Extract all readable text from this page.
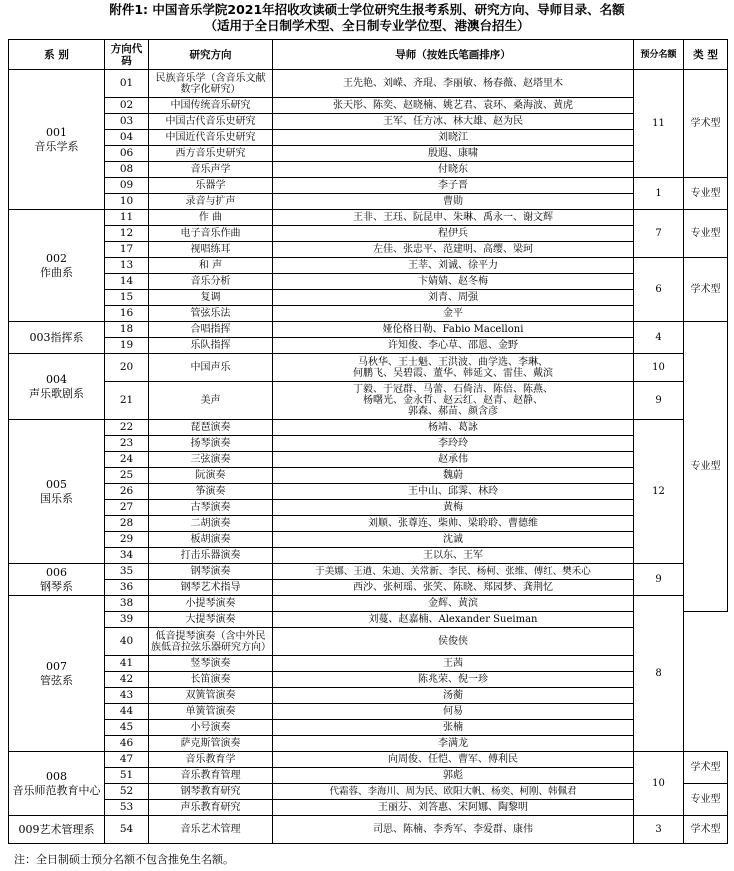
附件1: 中国音乐学院2021年招收攻读硕士学位研究生报考系别、研究方向、导师目录、名额
（适用于全日制学术型、全日制专业学位型、港澳台招生）
系 别	方向代码	研究方向	导师（按姓氏笔画排序）	预分名额	类 型
001
音乐学系	01	民族音乐学（含音乐文献数字化研究）	王先艳、刘嵘、齐琨、李丽敏、杨春薇、赵塔里木	11	学术型
	02	中国传统音乐研究	张天彤、陈奕、赵晓楠、姚艺君、袁环、桑海波、黄虎		
	03	中国古代音乐史研究	王军、任方冰、林大雄、赵为民		
	04	中国近代音乐史研究	刘晓江		
	06	西方音乐史研究	殷遐、康啸		
	08	音乐声学	付晓东		
	09	乐器学	李子晋	1	专业型
	10	录音与扩声	曹勋		
002
作曲系	11	作 曲	王非、王珏、阮昆申、朱琳、禹永一、谢文辉	7	专业型
	12	电子音乐作曲	程伊兵		
	17	视唱练耳	左佳、张忠平、范建明、高缨、梁珂		
	13	和 声	王莘、刘诚、徐平力	6	学术型
	14	音乐分析	卞婧婧、赵冬梅		
	15	复调	刘青、周强		
	16	管弦乐法	金平		
003指挥系	18	合唱指挥	娅伦格日勒、Fabio Macelloni	4	专业型
	19	乐队指挥	许知俊、李心草、邵恩、金野		
004
声乐歌剧系	20	中国声乐	马秋华、王士魁、王洪波、曲学选、李琳、
何鹏飞、吴碧霞、董华、韩延文、雷佳、戴滨	10	
	21	美声	丁毅、于冠群、马蕾、石倚洁、陈倍、陈燕、
杨曙光、金永哲、赵云红、赵青、赵静、
郭森、郝苗、颜含彦	9	
005
国乐系	22	琵琶演奏	杨靖、葛詠	12	
	23	扬琴演奏	李玲玲		
	24	三弦演奏	赵承伟		
	25	阮演奏	魏蔚		
	26	筝演奏	王中山、邱霁、林玲		
	27	古琴演奏	黄梅		
	28	二胡演奏	刘顺、张尊连、柴帅、梁聆聆、曹德维		
	29	板胡演奏	沈诚		
	34	打击乐器演奏	王以东、王军		
006
钢琴系	35	钢琴演奏	于美娜、王遒、朱迪、关常新、李民、杨柯、张维、傅红、樊禾心	9	
	36	钢琴艺术指导	西沙、张柯瑶、张笑、陈晓、郑园梦、龚荆忆		
007
管弦系	38	小提琴演奏	金辉、黄滨	8	
	39	大提琴演奏	刘蔓、赵嘉楠、Alexander Sueiman		
	40	低音提琴演奏（含中外民族低音拉弦乐器研究方向）	侯俊侠		
	41	竖琴演奏	王茜		
	42	长笛演奏	陈兆荣、倪一珍		
	43	双簧管演奏	汤蘅		
	44	单簧管演奏	何易		
	45	小号演奏	张楠		
	46	萨克斯管演奏	李满龙		
008
音乐师范教育中心	47	音乐教育学	向周俊、任恺、曹军、傅利民	10	学术型
	51	音乐教育管理	郭彪		
	52	钢琴教育研究	代霜蓉、李海川、周为民、欧阳大帆、杨奕、柯刚、韩佩君		专业型
	53	声乐教育研究	王丽芬、刘答惠、宋阿娜、陶黎明		
009艺术管理系	54	音乐艺术管理	司思、陈楠、李秀军、李爱群、康伟	3	学术型
注：全日制硕士预分名额不包含推免生名额。
